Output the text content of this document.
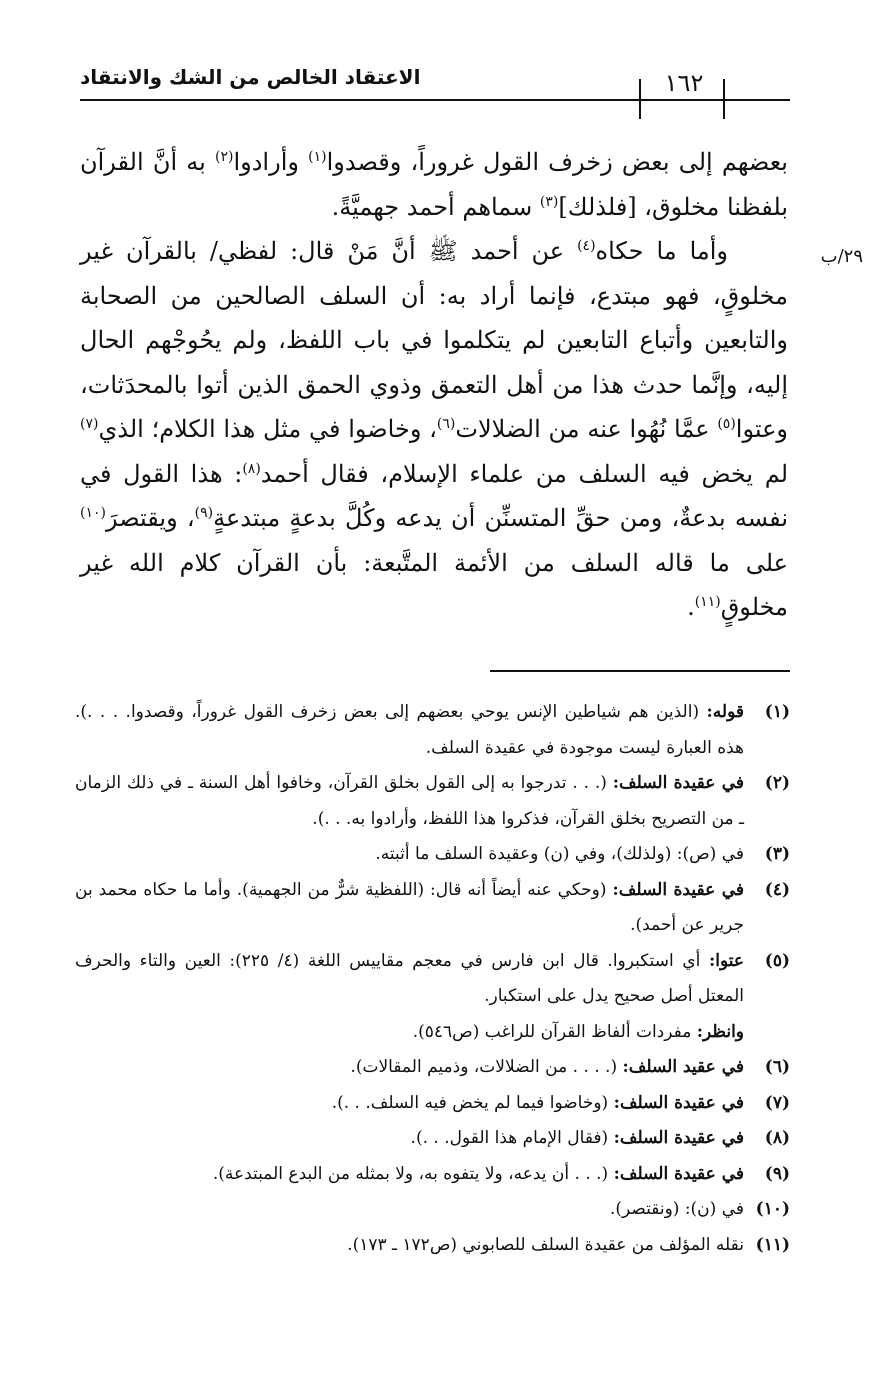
الاعتقاد الخالص من الشك والانتقاد	١٦٢
٢٩/ب

بعضهم إلى بعض زخرف القول غروراً، وقصدوا$^{(١)}$ وأرادوا$^{(٢)}$ به أنَّ القرآن بلفظنا مخلوق، [فلذلك]$^{(٣)}$ سماهم أحمد جهميَّةً.

وأما ما حكاه$^{(٤)}$ عن أحمد ﷺ أنَّ مَنْ قال: لفظي/ بالقرآن غير مخلوقٍ، فهو مبتدع، فإنما أراد به: أن السلف الصالحين من الصحابة والتابعين وأتباع التابعين لم يتكلموا في باب اللفظ، ولم يحُوجْهم الحال إليه، وإنَّما حدث هذا من أهل التعمق وذوي الحمق الذين أتوا بالمحدَثات، وعتوا$^{(٥)}$ عمَّا نُهُوا عنه من الضلالات$^{(٦)}$، وخاضوا في مثل هذا الكلام؛ الذي$^{(٧)}$ لم يخض فيه السلف من علماء الإسلام، فقال أحمد$^{(٨)}$: هذا القول في نفسه بدعةٌ، ومن حقِّ المتسنِّن أن يدعه وكُلَّ بدعةٍ مبتدعةٍ$^{(٩)}$، ويقتصرَ$^{(١٠)}$ على ما قاله السلف من الأئمة المتَّبعة: بأن القرآن كلام الله غير مخلوقٍ$^{(١١)}$.

(١)
قوله: (الذين هم شياطين الإنس يوحي بعضهم إلى بعض زخرف القول غروراً، وقصدوا. . . .). هذه العبارة ليست موجودة في عقيدة السلف.
(٢)
في عقيدة السلف: (. . . تدرجوا به إلى القول بخلق القرآن، وخافوا أهل السنة ـ في ذلك الزمان ـ من التصريح بخلق القرآن، فذكروا هذا اللفظ، وأرادوا به. . .).
(٣)
في (ص): (ولذلك)، وفي (ن) وعقيدة السلف ما أثبته.
(٤)
في عقيدة السلف: (وحكي عنه أيضاً أنه قال: (اللفظية شرٌّ من الجهمية). وأما ما حكاه محمد بن جرير عن أحمد).
(٥)
عتوا: أي استكبروا. قال ابن فارس في معجم مقاييس اللغة (٤/ ٢٢٥): العين والتاء والحرف المعتل أصل صحيح يدل على استكبار.
وانظر: مفردات ألفاظ القرآن للراغب (ص٥٤٦).
(٦)
في عقيد السلف: (. . . . من الضلالات، وذميم المقالات).
(٧)
في عقيدة السلف: (وخاضوا فيما لم يخض فيه السلف. . .).
(٨)
في عقيدة السلف: (فقال الإمام هذا القول. . .).
(٩)
في عقيدة السلف: (. . . أن يدعه، ولا يتفوه به، ولا بمثله من البدع المبتدعة).
(١٠)
في (ن): (ونقتصر).
(١١)
نقله المؤلف من عقيدة السلف للصابوني (ص١٧٢ ـ ١٧٣).
